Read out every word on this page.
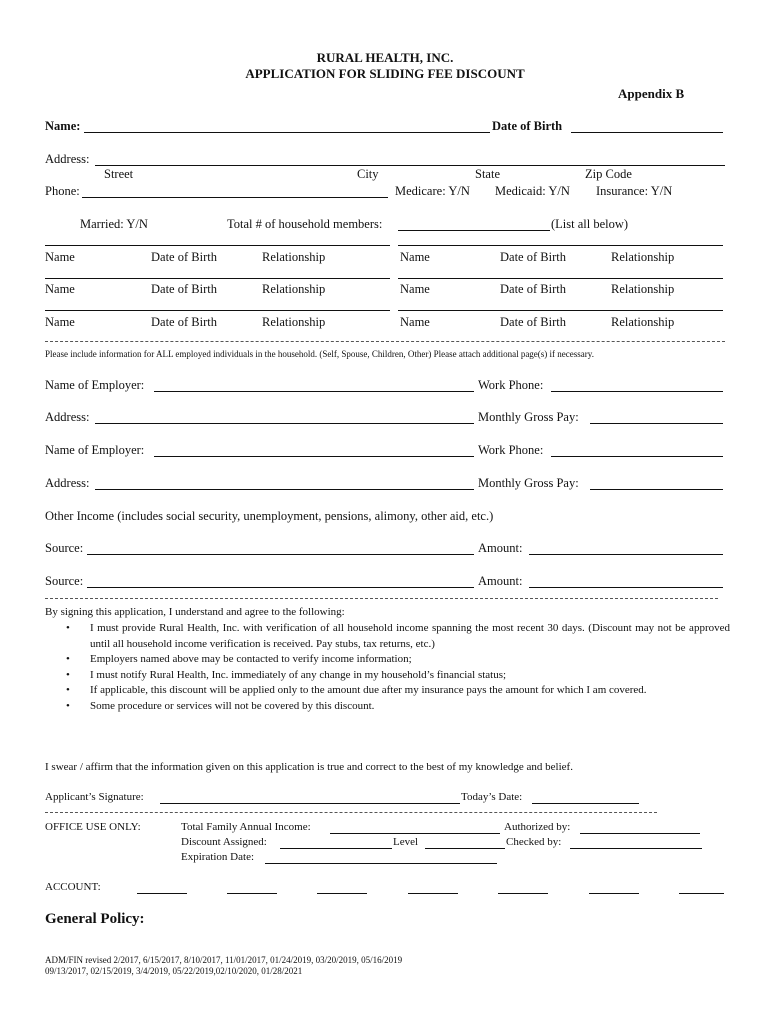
RURAL HEALTH, INC.
APPLICATION FOR SLIDING FEE DISCOUNT
Appendix B
Name:	Date of Birth
Address:
Street	City	State	Zip Code
Phone:	Medicare: Y/N Medicaid: Y/N Insurance: Y/N
Married: Y/N	Total # of household members:	(List all below)
Name	Date of Birth	Relationship	Name	Date of Birth	Relationship
Name	Date of Birth	Relationship	Name	Date of Birth	Relationship
Name	Date of Birth	Relationship	Name	Date of Birth	Relationship
Please include information for ALL employed individuals in the household. (Self, Spouse, Children, Other) Please attach additional page(s) if necessary.
Name of Employer:	Work Phone:
Address:	Monthly Gross Pay:
Name of Employer:	Work Phone:
Address:	Monthly Gross Pay:
Other Income (includes social security, unemployment, pensions, alimony, other aid, etc.)
Source:	Amount:
Source:	Amount:
By signing this application, I understand and agree to the following:
• I must provide Rural Health, Inc. with verification of all household income spanning the most recent 30 days. (Discount may not be approved until all household income verification is received. Pay stubs, tax returns, etc.)
• Employers named above may be contacted to verify income information;
• I must notify Rural Health, Inc. immediately of any change in my household’s financial status;
• If applicable, this discount will be applied only to the amount due after my insurance pays the amount for which I am covered.
• Some procedure or services will not be covered by this discount.
I swear / affirm that the information given on this application is true and correct to the best of my knowledge and belief.
Applicant’s Signature:	Today’s Date:
OFFICE USE ONLY:	Total Family Annual Income:	Authorized by:
Discount Assigned:	Level	Checked by:
Expiration Date:
ACCOUNT:
General Policy:
ADM/FIN revised 2/2017, 6/15/2017, 8/10/2017, 11/01/2017, 01/24/2019, 03/20/2019, 05/16/2019
09/13/2017, 02/15/2019, 3/4/2019, 05/22/2019,02/10/2020, 01/28/2021
